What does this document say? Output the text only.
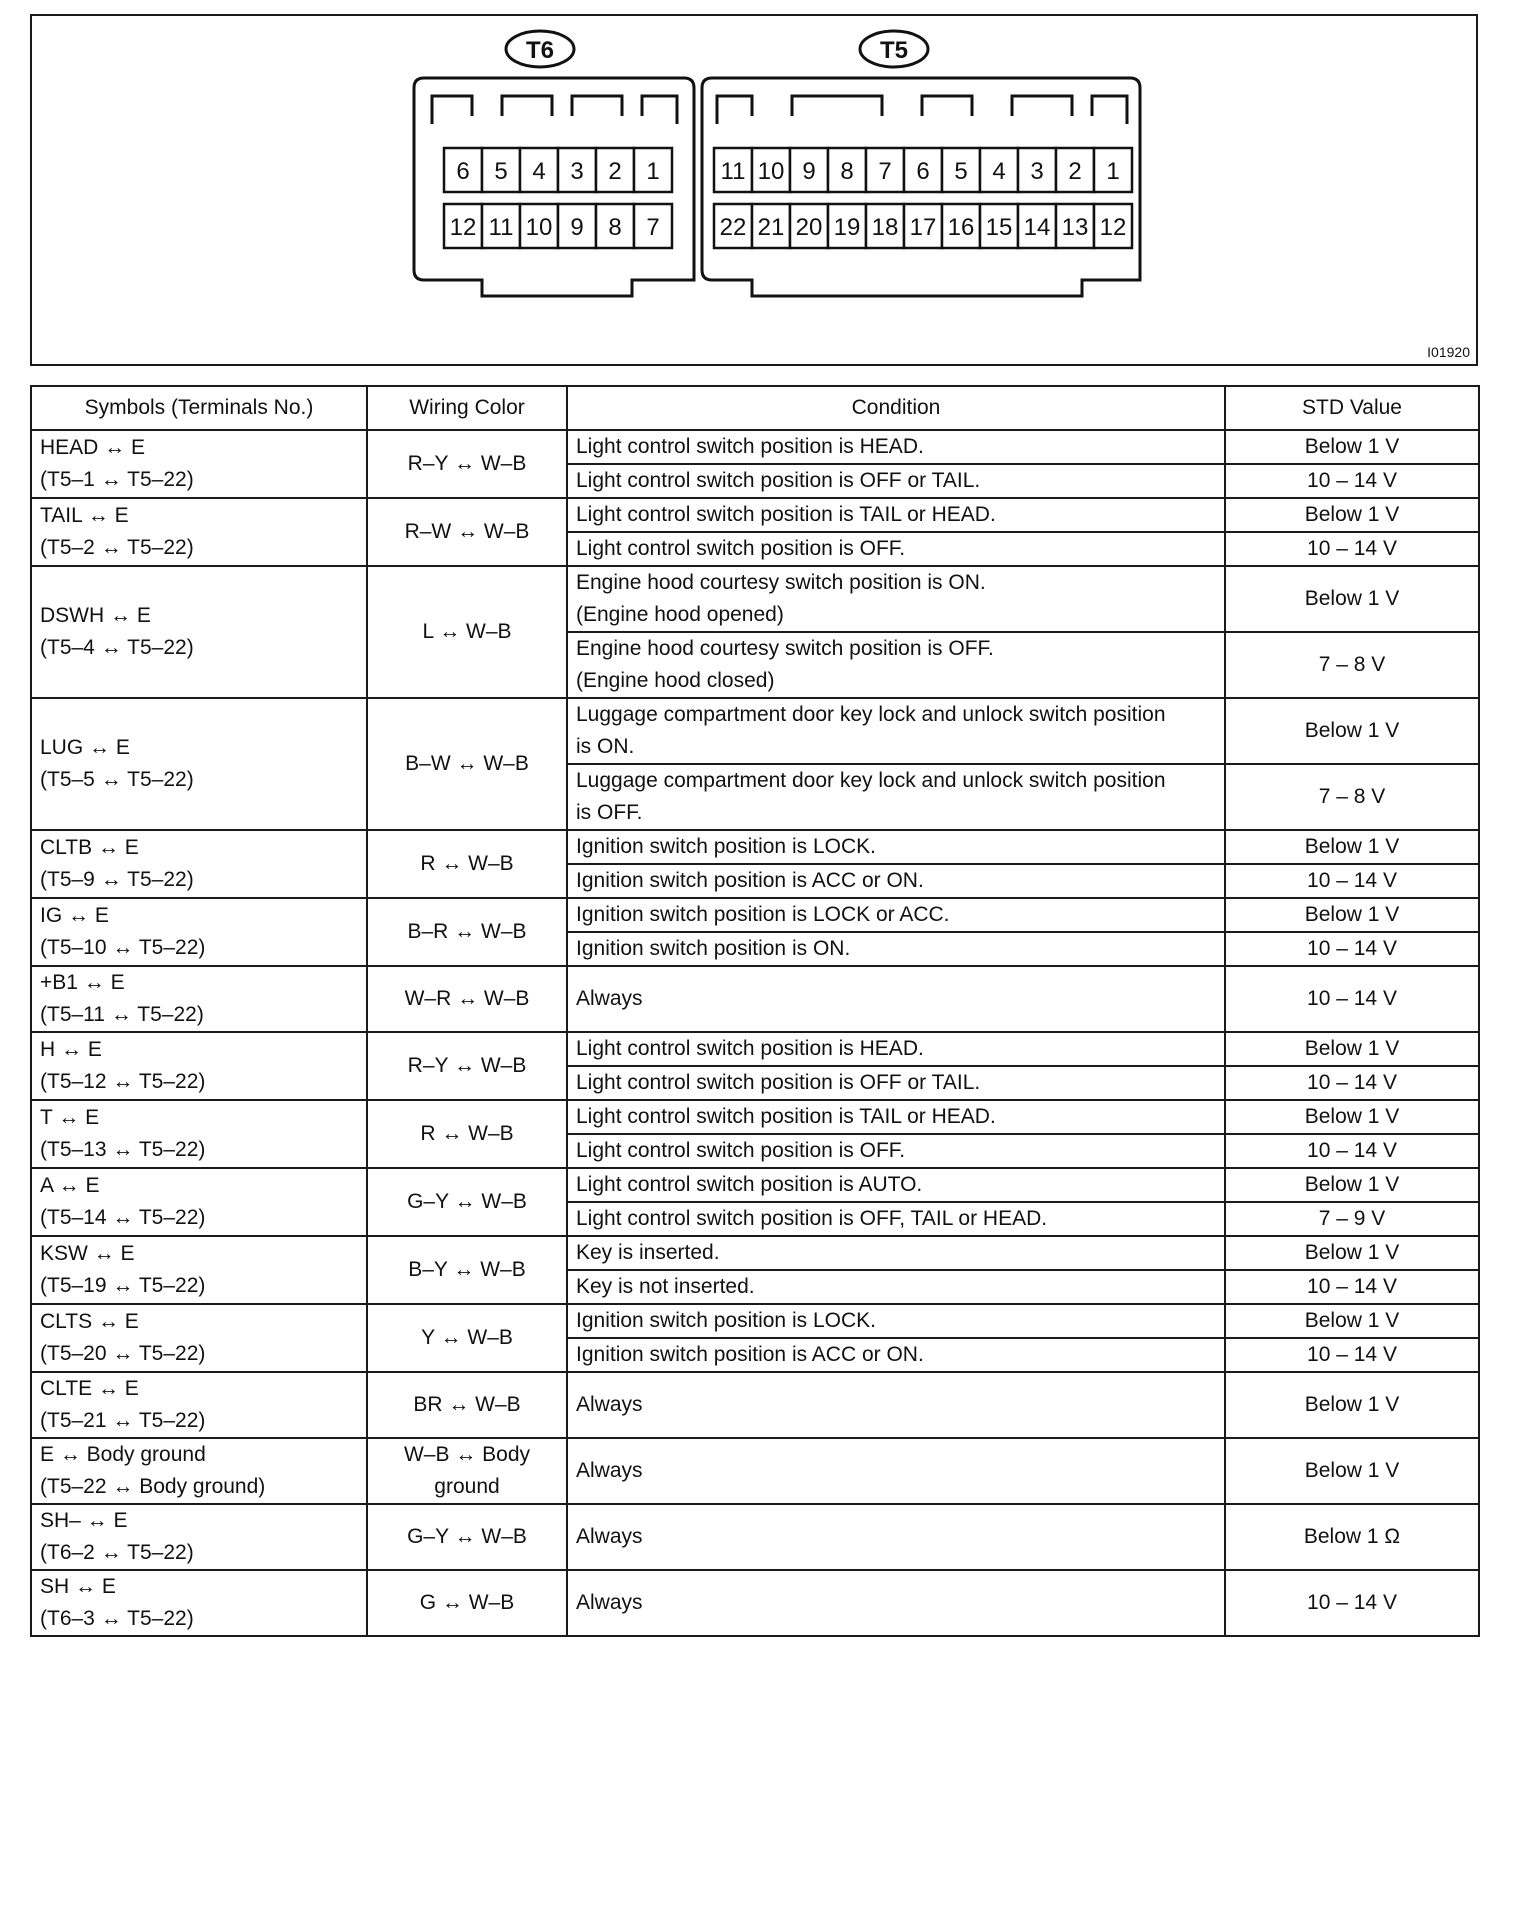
T6	T5
6 5 4 3 2 1
12 11 10 9 8 7
11 10 9 8 7 6 5 4 3 2 1
22 21 20 19 18 17 16 15 14 13 12
I01920
Symbols (Terminals No.)	Wiring Color	Condition	STD Value

HEAD ↔ E
(T5–1 ↔ T5–22)	R–Y ↔ W–B	Light control switch position is HEAD.	Below 1 V

		Light control switch position is OFF or TAIL.	10 – 14 V

TAIL ↔ E
(T5–2 ↔ T5–22)	R–W ↔ W–B	Light control switch position is TAIL or HEAD.	Below 1 V

		Light control switch position is OFF.	10 – 14 V

DSWH ↔ E
(T5–4 ↔ T5–22)	L ↔ W–B	Engine hood courtesy switch position is ON.
(Engine hood opened)	Below 1 V

		Engine hood courtesy switch position is OFF.
(Engine hood closed)	7 – 8 V

LUG ↔ E
(T5–5 ↔ T5–22)	B–W ↔ W–B	Luggage compartment door key lock and unlock switch position
is ON.	Below 1 V

		Luggage compartment door key lock and unlock switch position
is OFF.	7 – 8 V

CLTB ↔ E
(T5–9 ↔ T5–22)	R ↔ W–B	Ignition switch position is LOCK.	Below 1 V

		Ignition switch position is ACC or ON.	10 – 14 V

IG ↔ E
(T5–10 ↔ T5–22)	B–R ↔ W–B	Ignition switch position is LOCK or ACC.	Below 1 V

		Ignition switch position is ON.	10 – 14 V

+B1 ↔ E
(T5–11 ↔ T5–22)	W–R ↔ W–B	Always	10 – 14 V

H ↔ E
(T5–12 ↔ T5–22)	R–Y ↔ W–B	Light control switch position is HEAD.	Below 1 V

		Light control switch position is OFF or TAIL.	10 – 14 V

T ↔ E
(T5–13 ↔ T5–22)	R ↔ W–B	Light control switch position is TAIL or HEAD.	Below 1 V

		Light control switch position is OFF.	10 – 14 V

A ↔ E
(T5–14 ↔ T5–22)	G–Y ↔ W–B	Light control switch position is AUTO.	Below 1 V

		Light control switch position is OFF, TAIL or HEAD.	7 – 9 V

KSW ↔ E
(T5–19 ↔ T5–22)	B–Y ↔ W–B	Key is inserted.	Below 1 V

		Key is not inserted.	10 – 14 V

CLTS ↔ E
(T5–20 ↔ T5–22)	Y ↔ W–B	Ignition switch position is LOCK.	Below 1 V

		Ignition switch position is ACC or ON.	10 – 14 V

CLTE ↔ E
(T5–21 ↔ T5–22)	BR ↔ W–B	Always	Below 1 V

E ↔ Body ground
(T5–22 ↔ Body ground)	W–B ↔ Body
ground	Always	Below 1 V

SH– ↔ E
(T6–2 ↔ T5–22)	G–Y ↔ W–B	Always	Below 1 Ω

SH ↔ E
(T6–3 ↔ T5–22)	G ↔ W–B	Always	10 – 14 V
